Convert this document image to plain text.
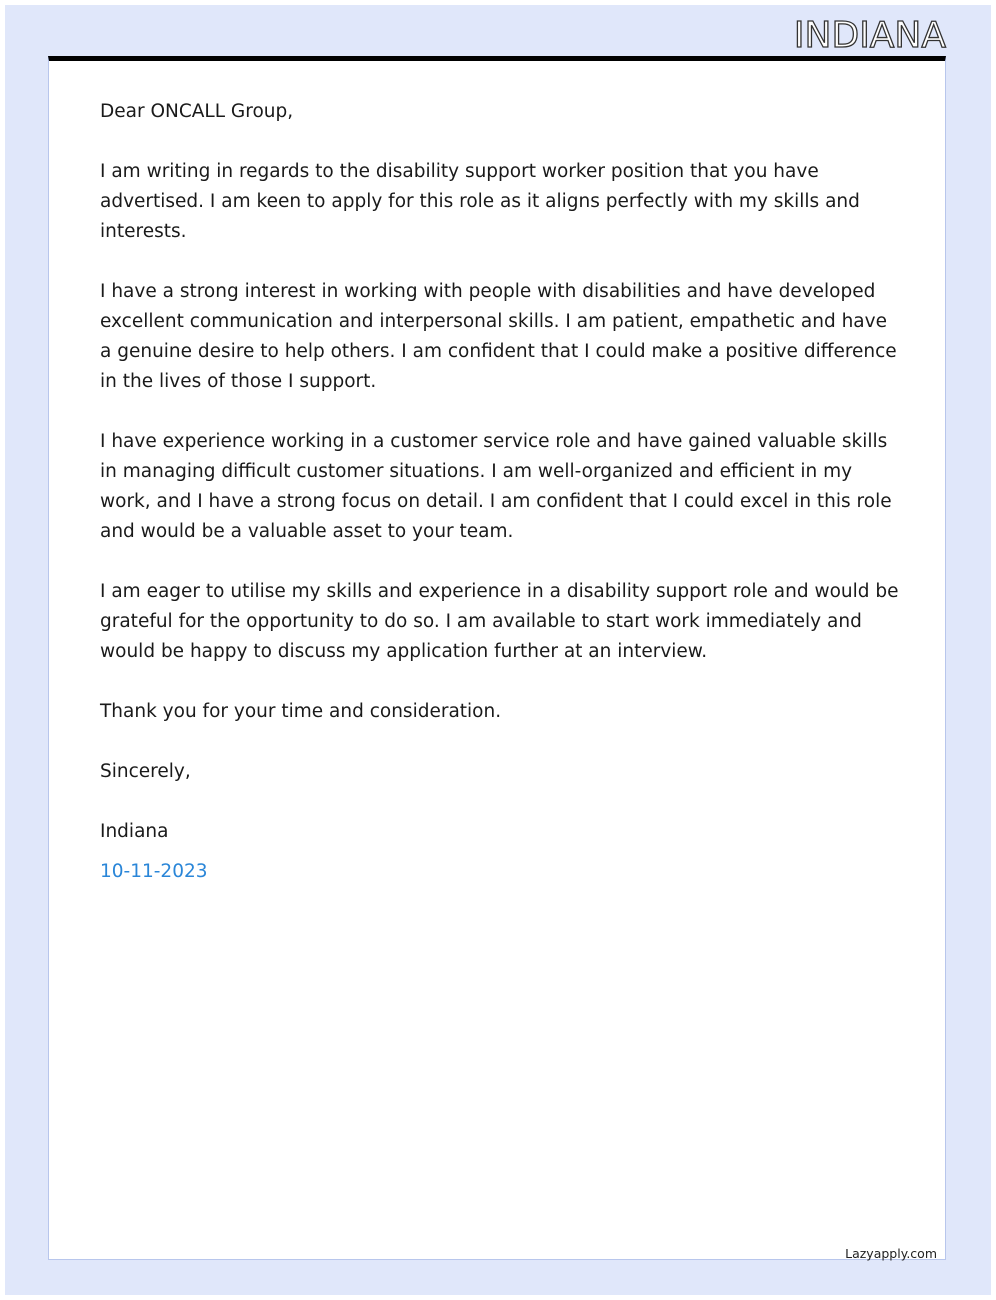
INDIANA

Dear ONCALL Group,

I am writing in regards to the disability support worker position that you have advertised. I am keen to apply for this role as it aligns perfectly with my skills and interests.

I have a strong interest in working with people with disabilities and have developed excellent communication and interpersonal skills. I am patient, empathetic and have a genuine desire to help others. I am confident that I could make a positive difference in the lives of those I support.

I have experience working in a customer service role and have gained valuable skills in managing difficult customer situations. I am well-organized and efficient in my work, and I have a strong focus on detail. I am confident that I could excel in this role and would be a valuable asset to your team.

I am eager to utilise my skills and experience in a disability support role and would be grateful for the opportunity to do so. I am available to start work immediately and would be happy to discuss my application further at an interview.

Thank you for your time and consideration.

Sincerely,

Indiana

10-11-2023

Lazyapply.com
